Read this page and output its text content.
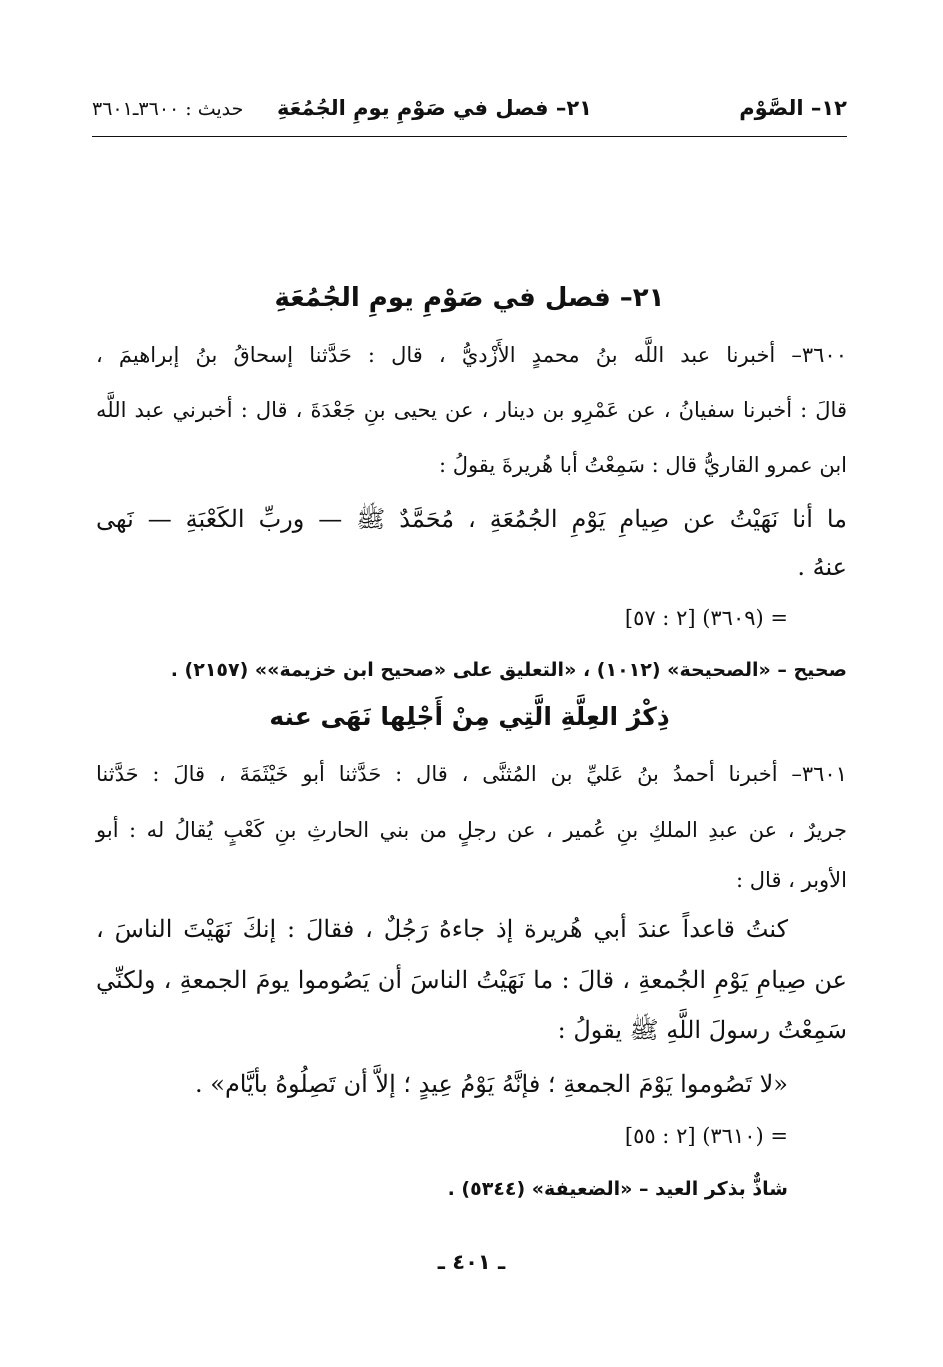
١٢– الصَّوْم
٢١– فصل في صَوْمِ يومِ الجُمُعَةِ
حديث : ٣٦٠٠ـ٣٦٠١
٢١– فصل في صَوْمِ يومِ الجُمُعَةِ
٣٦٠٠– أخبرنا عبد اللَّه بنُ محمدٍ الأَزْديُّ ، قال : حَدَّثنا إسحاقُ بنُ إبراهيمَ ،
قالَ : أخبرنا سفيانُ ، عن عَمْرِو بن دينار ، عن يحيى بنِ جَعْدَةَ ، قال : أخبرني عبد اللَّه
ابن عمرو القاريُّ قال : سَمِعْتُ أبا هُريرةَ يقولُ :
ما أنا نَهَيْتُ عن صِيامِ يَوْمِ الجُمُعَةِ ، مُحَمَّدٌ ﷺ — وربِّ الكَعْبَةِ — نَهى
عنهُ .
= (٣٦٠٩) [٢ : ٥٧]
صحيح – «الصحيحة» (١٠١٢) ، «التعليق على «صحيح ابن خزيمة»» (٢١٥٧) .
ذِكْرُ العِلَّةِ الَّتِي مِنْ أَجْلِها نَهَى عنه
٣٦٠١– أخبرنا أحمدُ بنُ عَليِّ بن المُثنَّى ، قال : حَدَّثنا أبو خَيْثَمَةَ ، قالَ : حَدَّثنا
جريرٌ ، عن عبدِ الملكِ بنِ عُمير ، عن رجلٍ من بني الحارثِ بنِ كَعْبٍ يُقالُ له : أبو
الأوبر ، قال :
كنتُ قاعداً عندَ أبي هُريرة إذ جاءهُ رَجُلٌ ، فقالَ : إنكَ نَهَيْتَ الناسَ ،
عن صِيامِ يَوْمِ الجُمعةِ ، قالَ : ما نَهَيْتُ الناسَ أن يَصُوموا يومَ الجمعةِ ، ولكنِّي
سَمِعْتُ رسولَ اللَّهِ ﷺ يقولُ :
«لا تَصُوموا يَوْمَ الجمعةِ ؛ فإنَّهُ يَوْمُ عِيدٍ ؛ إلاَّ أن تَصِلُوهُ بأيَّام» .
= (٣٦١٠) [٢ : ٥٥]
شاذٌّ بذكر العيد – «الضعيفة» (٥٣٤٤) .
ـ ٤٠١ ـ
